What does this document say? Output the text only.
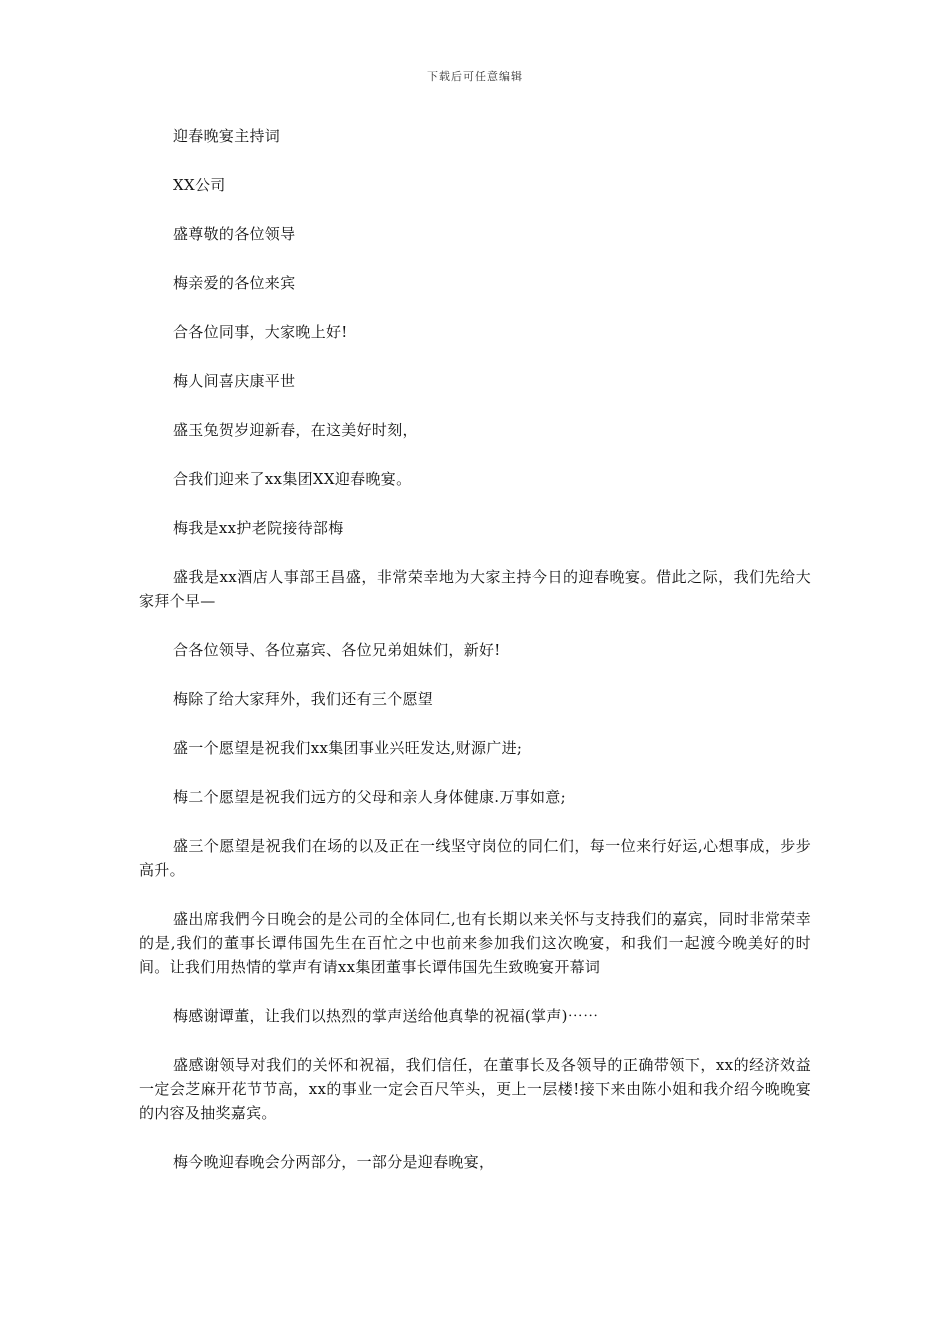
下载后可任意编辑

迎春晚宴主持词

XX公司

盛尊敬的各位领导

梅亲爱的各位来宾

合各位同事，大家晚上好!

梅人间喜庆康平世

盛玉兔贺岁迎新春，在这美好时刻，

合我们迎来了xx集团XX迎春晚宴。

梅我是xx护老院接待部梅

盛我是xx酒店人事部王昌盛，非常荣幸地为大家主持今日的迎春晚宴。借此之际，我们先给大家拜个早—

合各位领导、各位嘉宾、各位兄弟姐妹们，新好!

梅除了给大家拜外，我们还有三个愿望

盛一个愿望是祝我们xx集团事业兴旺发达,财源广进;

梅二个愿望是祝我们远方的父母和亲人身体健康.万事如意;

盛三个愿望是祝我们在场的以及正在一线坚守岗位的同仁们，每一位来行好运,心想事成，步步高升。

盛出席我們今日晚会的是公司的全体同仁,也有长期以来关怀与支持我们的嘉宾，同时非常荣幸的是,我们的董事长谭伟国先生在百忙之中也前来参加我们这次晚宴，和我们一起渡今晚美好的时间。让我们用热情的掌声有请xx集团董事长谭伟国先生致晚宴开幕词

梅感谢谭董，让我们以热烈的掌声送给他真挚的祝福(掌声)⋯⋯

盛感谢领导对我们的关怀和祝福，我们信任，在董事长及各领导的正确带领下，xx的经济效益一定会芝麻开花节节高，xx的事业一定会百尺竿头，更上一层楼!接下来由陈小姐和我介绍今晚晚宴的内容及抽奖嘉宾。

梅今晚迎春晚会分两部分，一部分是迎春晚宴，
